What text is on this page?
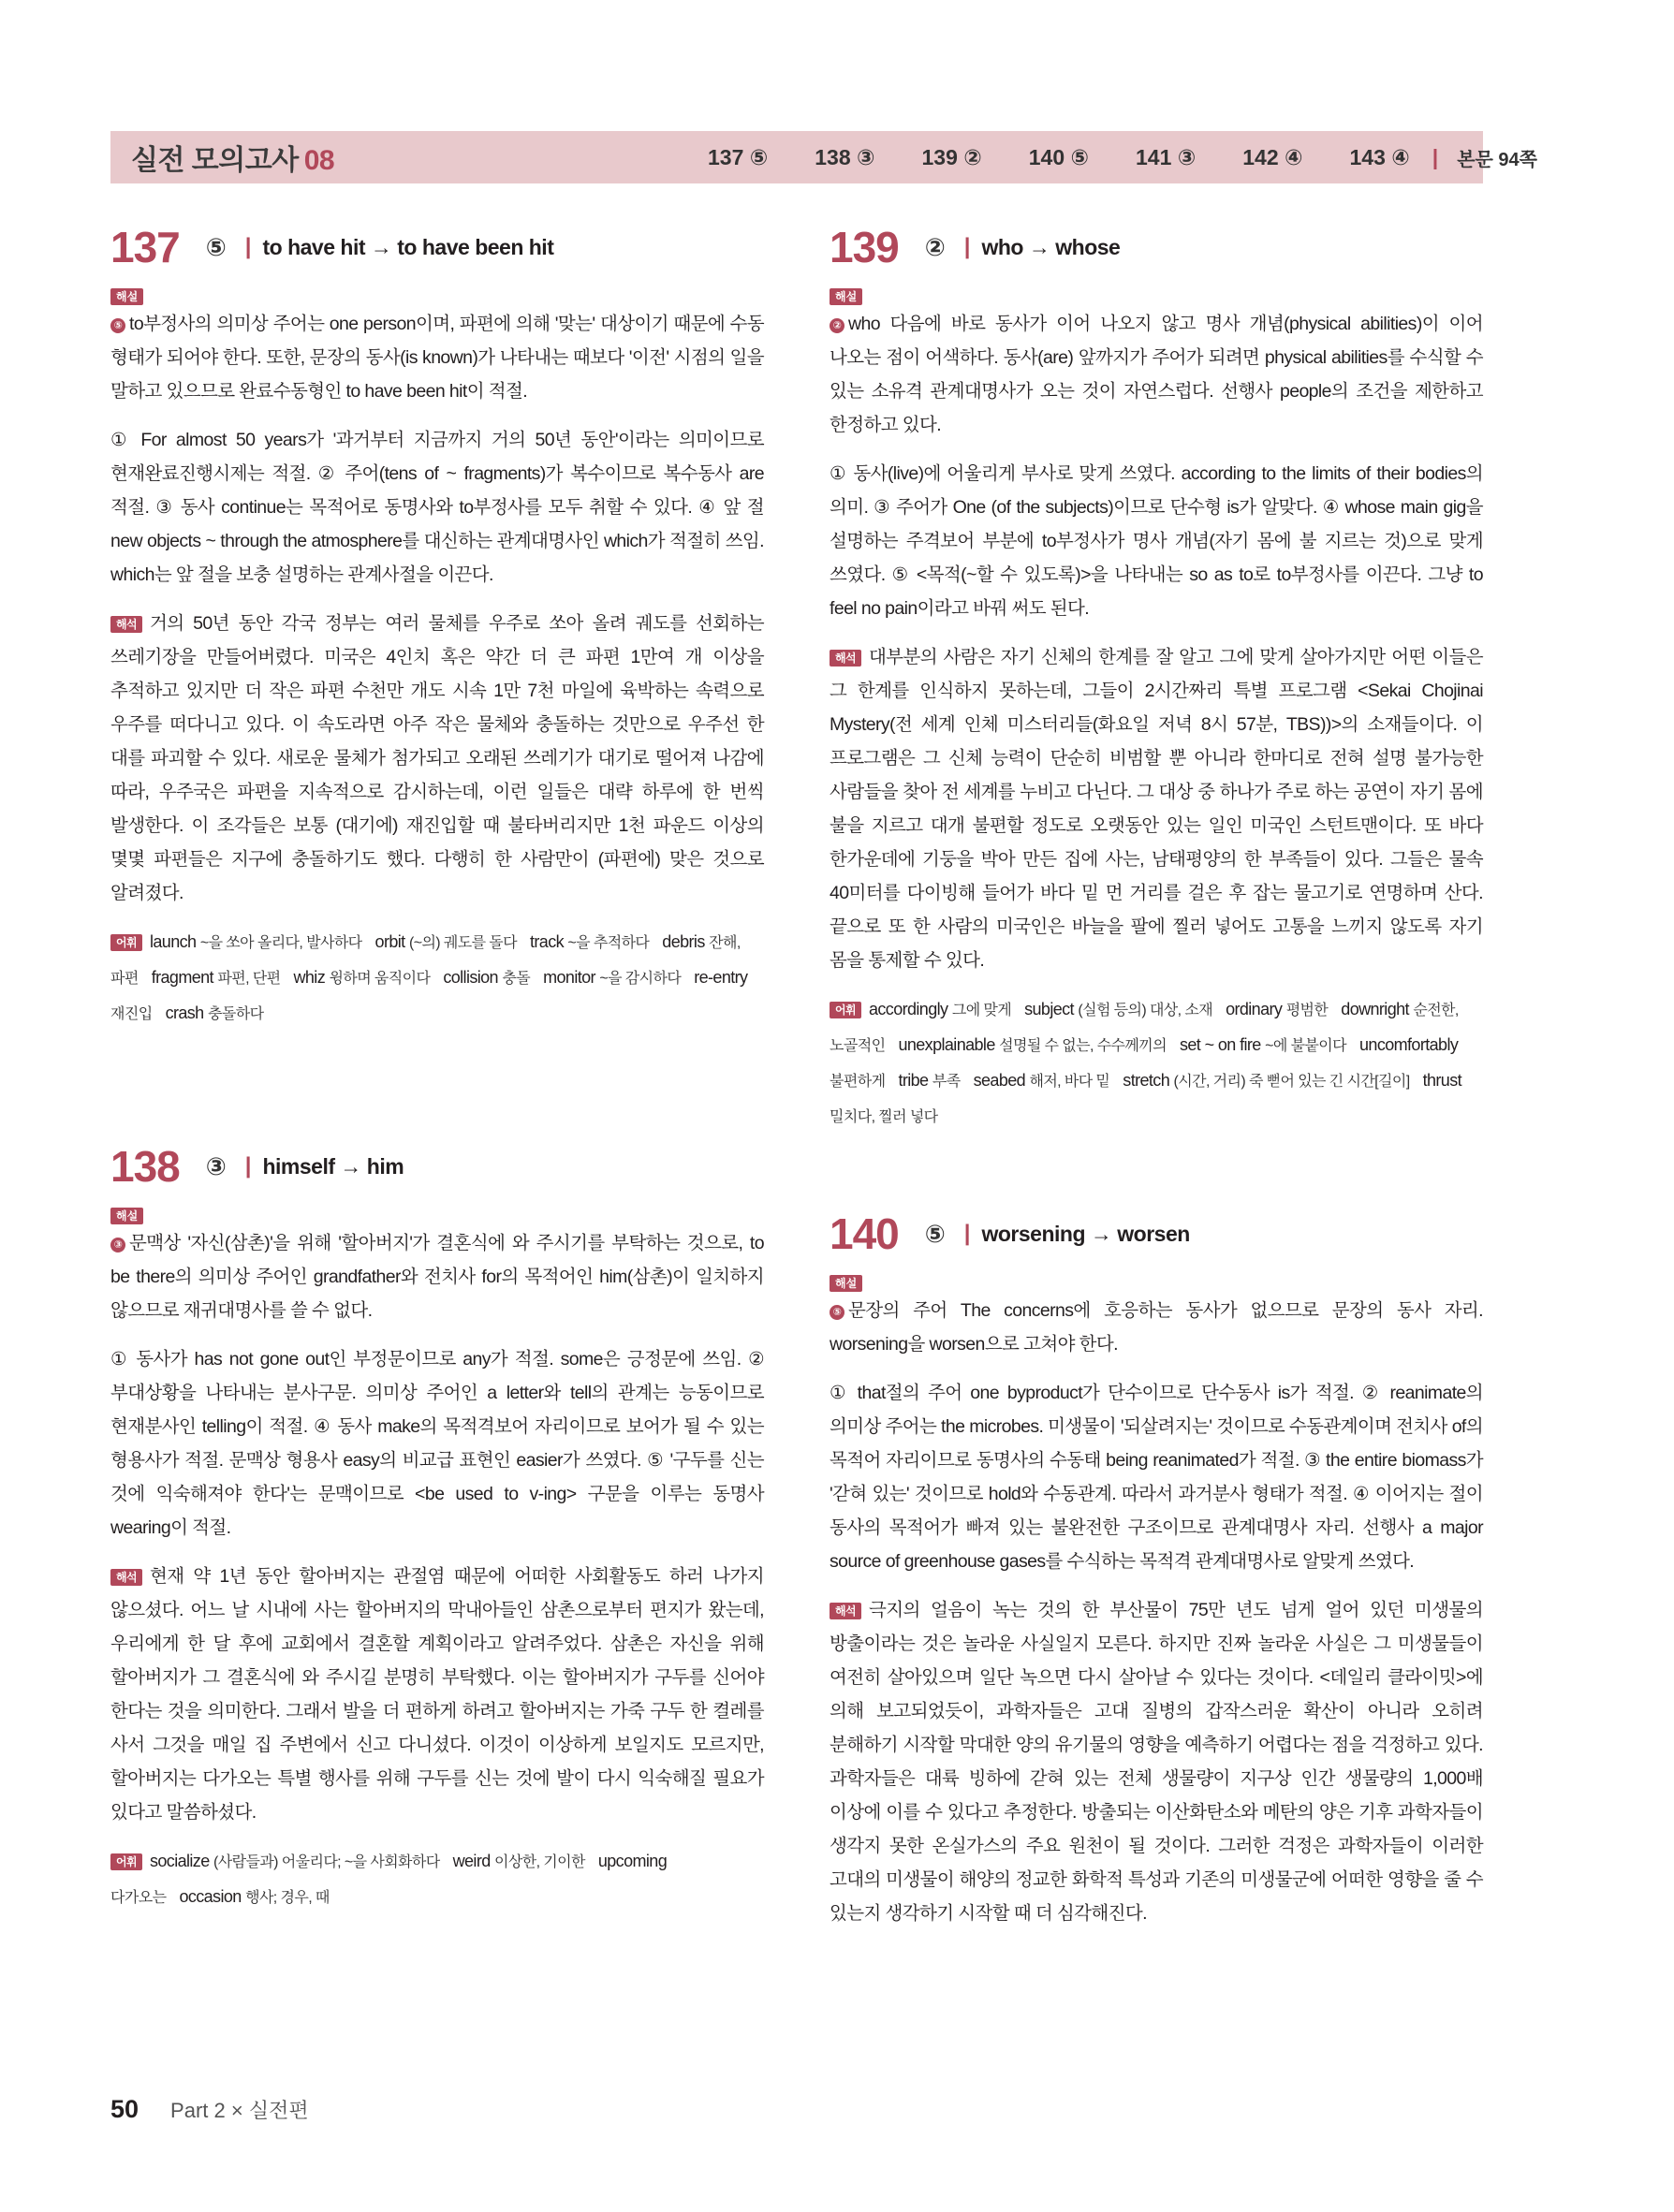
실전 모의고사 08	137 ⑤ 138 ③ 139 ② 140 ⑤ 141 ③ 142 ④ 143 ④ | 본문 94쪽
137 ⑤ | to have hit → to have been hit
해설

⑤ to부정사의 의미상 주어는 one person이며, 파편에 의해 '맞는' 대상이기 때문에 수동 형태가 되어야 한다. 또한, 문장의 동사(is known)가 나타내는 때보다 '이전' 시점의 일을 말하고 있으므로 완료수동형인 to have been hit이 적절.

① For almost 50 years가 '과거부터 지금까지 거의 50년 동안'이라는 의미이므로 현재완료진행시제는 적절. ② 주어(tens of ~ fragments)가 복수이므로 복수동사 are 적절. ③ 동사 continue는 목적어로 동명사와 to부정사를 모두 취할 수 있다. ④ 앞 절 new objects ~ through the atmosphere를 대신하는 관계대명사인 which가 적절히 쓰임. which는 앞 절을 보충 설명하는 관계사절을 이끈다.

해석 거의 50년 동안 각국 정부는 여러 물체를 우주로 쏘아 올려 궤도를 선회하는 쓰레기장을 만들어버렸다. 미국은 4인치 혹은 약간 더 큰 파편 1만여 개 이상을 추적하고 있지만 더 작은 파편 수천만 개도 시속 1만 7천 마일에 육박하는 속력으로 우주를 떠다니고 있다. 이 속도라면 아주 작은 물체와 충돌하는 것만으로 우주선 한 대를 파괴할 수 있다. 새로운 물체가 첨가되고 오래된 쓰레기가 대기로 떨어져 나감에 따라, 우주국은 파편을 지속적으로 감시하는데, 이런 일들은 대략 하루에 한 번씩 발생한다. 이 조각들은 보통 (대기에) 재진입할 때 불타버리지만 1천 파운드 이상의 몇몇 파편들은 지구에 충돌하기도 했다. 다행히 한 사람만이 (파편에) 맞은 것으로 알려졌다.

어휘 launch ~을 쏘아 올리다, 발사하다 orbit (~의) 궤도를 돌다 track ~을 추적하다 debris 잔해, 파편 fragment 파편, 단편 whiz 윙하며 움직이다 collision 충돌 monitor ~을 감시하다 re-entry 재진입 crash 충돌하다

138 ③ | himself → him
해설

③ 문맥상 '자신(삼촌)'을 위해 '할아버지'가 결혼식에 와 주시기를 부탁하는 것으로, to be there의 의미상 주어인 grandfather와 전치사 for의 목적어인 him(삼촌)이 일치하지 않으므로 재귀대명사를 쓸 수 없다.

① 동사가 has not gone out인 부정문이므로 any가 적절. some은 긍정문에 쓰임. ② 부대상황을 나타내는 분사구문. 의미상 주어인 a letter와 tell의 관계는 능동이므로 현재분사인 telling이 적절. ④ 동사 make의 목적격보어 자리이므로 보어가 될 수 있는 형용사가 적절. 문맥상 형용사 easy의 비교급 표현인 easier가 쓰였다. ⑤ '구두를 신는 것에 익숙해져야 한다'는 문맥이므로 <be used to v-ing> 구문을 이루는 동명사 wearing이 적절.

해석 현재 약 1년 동안 할아버지는 관절염 때문에 어떠한 사회활동도 하러 나가지 않으셨다. 어느 날 시내에 사는 할아버지의 막내아들인 삼촌으로부터 편지가 왔는데, 우리에게 한 달 후에 교회에서 결혼할 계획이라고 알려주었다. 삼촌은 자신을 위해 할아버지가 그 결혼식에 와 주시길 분명히 부탁했다. 이는 할아버지가 구두를 신어야 한다는 것을 의미한다. 그래서 발을 더 편하게 하려고 할아버지는 가죽 구두 한 켤레를 사서 그것을 매일 집 주변에서 신고 다니셨다. 이것이 이상하게 보일지도 모르지만, 할아버지는 다가오는 특별 행사를 위해 구두를 신는 것에 발이 다시 익숙해질 필요가 있다고 말씀하셨다.

어휘 socialize (사람들과) 어울리다; ~을 사회화하다 weird 이상한, 기이한 upcoming 다가오는 occasion 행사; 경우, 때

139 ② | who → whose
해설

② who 다음에 바로 동사가 이어 나오지 않고 명사 개념(physical abilities)이 이어 나오는 점이 어색하다. 동사(are) 앞까지가 주어가 되려면 physical abilities를 수식할 수 있는 소유격 관계대명사가 오는 것이 자연스럽다. 선행사 people의 조건을 제한하고 한정하고 있다.

① 동사(live)에 어울리게 부사로 맞게 쓰였다. according to the limits of their bodies의 의미. ③ 주어가 One (of the subjects)이므로 단수형 is가 알맞다. ④ whose main gig을 설명하는 주격보어 부분에 to부정사가 명사 개념(자기 몸에 불 지르는 것)으로 맞게 쓰였다. ⑤ <목적(~할 수 있도록)>을 나타내는 so as to로 to부정사를 이끈다. 그냥 to feel no pain이라고 바꿔 써도 된다.

해석 대부분의 사람은 자기 신체의 한계를 잘 알고 그에 맞게 살아가지만 어떤 이들은 그 한계를 인식하지 못하는데, 그들이 2시간짜리 특별 프로그램 <Sekai Chojinai Mystery(전 세계 인체 미스터리들(화요일 저녁 8시 57분, TBS))>의 소재들이다. 이 프로그램은 그 신체 능력이 단순히 비범할 뿐 아니라 한마디로 전혀 설명 불가능한 사람들을 찾아 전 세계를 누비고 다닌다. 그 대상 중 하나가 주로 하는 공연이 자기 몸에 불을 지르고 대개 불편할 정도로 오랫동안 있는 일인 미국인 스턴트맨이다. 또 바다 한가운데에 기둥을 박아 만든 집에 사는, 남태평양의 한 부족들이 있다. 그들은 물속 40미터를 다이빙해 들어가 바다 밑 먼 거리를 걸은 후 잡는 물고기로 연명하며 산다. 끝으로 또 한 사람의 미국인은 바늘을 팔에 찔러 넣어도 고통을 느끼지 않도록 자기 몸을 통제할 수 있다.

어휘 accordingly 그에 맞게 subject (실험 등의) 대상, 소재 ordinary 평범한 downright 순전한, 노골적인 unexplainable 설명될 수 없는, 수수께끼의 set ~ on fire ~에 불붙이다 uncomfortably 불편하게 tribe 부족 seabed 해저, 바다 밑 stretch (시간, 거리) 죽 뻗어 있는 긴 시간[길이] thrust 밀치다, 찔러 넣다

140 ⑤ | worsening → worsen
해설

⑤ 문장의 주어 The concerns에 호응하는 동사가 없으므로 문장의 동사 자리. worsening을 worsen으로 고쳐야 한다.

① that절의 주어 one byproduct가 단수이므로 단수동사 is가 적절. ② reanimate의 의미상 주어는 the microbes. 미생물이 '되살려지는' 것이므로 수동관계이며 전치사 of의 목적어 자리이므로 동명사의 수동태 being reanimated가 적절. ③ the entire biomass가 '갇혀 있는' 것이므로 hold와 수동관계. 따라서 과거분사 형태가 적절. ④ 이어지는 절이 동사의 목적어가 빠져 있는 불완전한 구조이므로 관계대명사 자리. 선행사 a major source of greenhouse gases를 수식하는 목적격 관계대명사로 알맞게 쓰였다.

해석 극지의 얼음이 녹는 것의 한 부산물이 75만 년도 넘게 얼어 있던 미생물의 방출이라는 것은 놀라운 사실일지 모른다. 하지만 진짜 놀라운 사실은 그 미생물들이 여전히 살아있으며 일단 녹으면 다시 살아날 수 있다는 것이다. <데일리 클라이밋>에 의해 보고되었듯이, 과학자들은 고대 질병의 갑작스러운 확산이 아니라 오히려 분해하기 시작할 막대한 양의 유기물의 영향을 예측하기 어렵다는 점을 걱정하고 있다. 과학자들은 대륙 빙하에 갇혀 있는 전체 생물량이 지구상 인간 생물량의 1,000배 이상에 이를 수 있다고 추정한다. 방출되는 이산화탄소와 메탄의 양은 기후 과학자들이 생각지 못한 온실가스의 주요 원천이 될 것이다. 그러한 걱정은 과학자들이 이러한 고대의 미생물이 해양의 정교한 화학적 특성과 기존의 미생물군에 어떠한 영향을 줄 수 있는지 생각하기 시작할 때 더 심각해진다.

50 Part 2 × 실전편
